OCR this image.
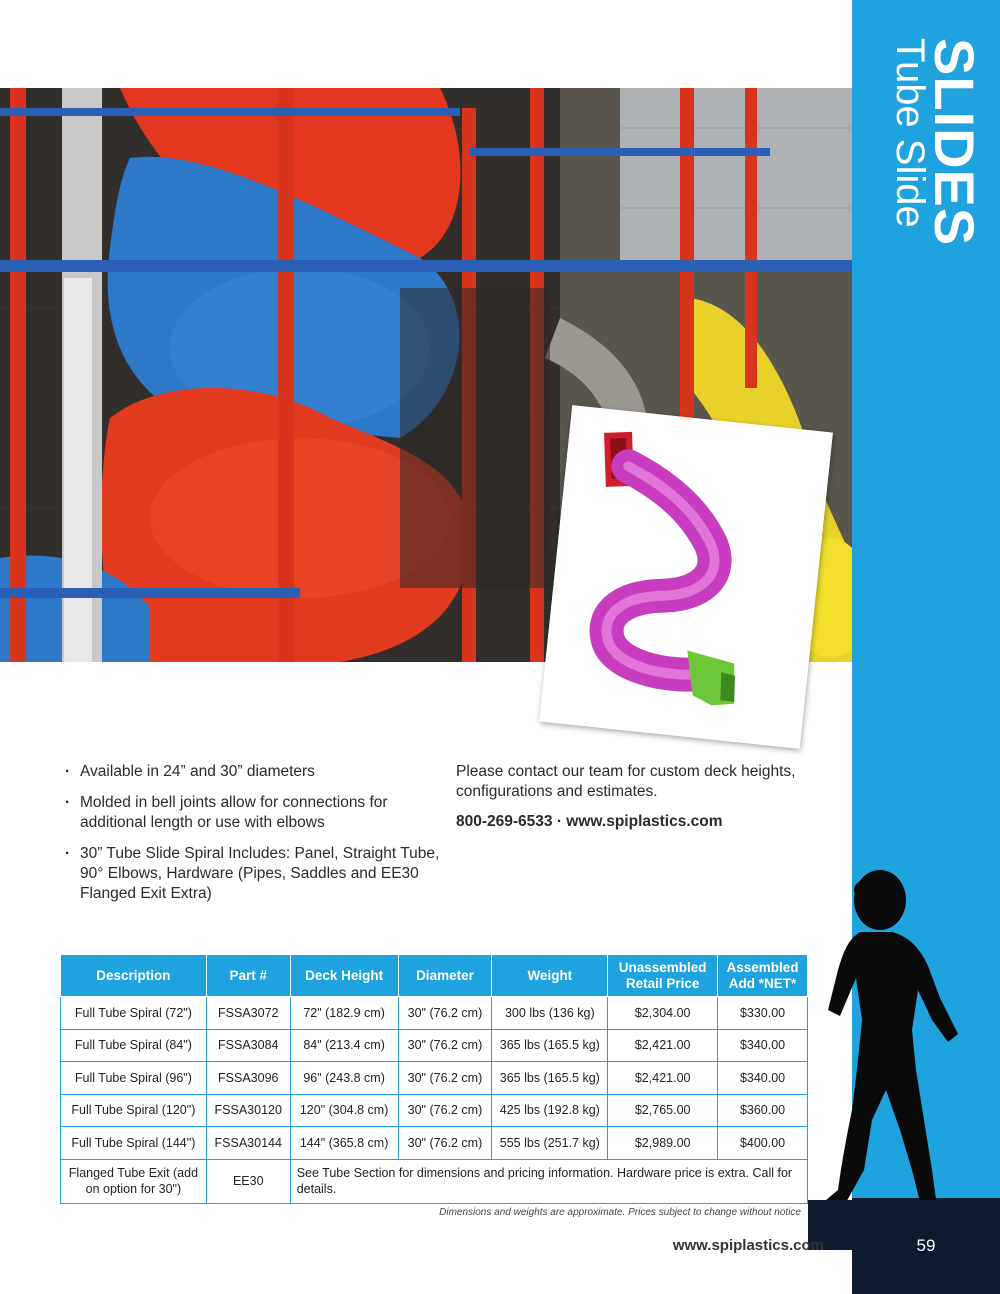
SLIDES
Tube Slide
· Available in 24” and 30” diameters
· Molded in bell joints allow for connections for additional length or use with elbows
· 30” Tube Slide Spiral Includes: Panel, Straight Tube, 90° Elbows, Hardware (Pipes, Saddles and EE30 Flanged Exit Extra)

Please contact our team for custom deck heights, configurations and estimates.

800-269-6533 · www.spiplastics.com

Description	Part #	Deck Height	Diameter	Weight	Unassembled Retail Price	Assembled Add *NET*
Full Tube Spiral (72")	FSSA3072	72" (182.9 cm)	30" (76.2 cm)	300 lbs (136 kg)	$2,304.00	$330.00
Full Tube Spiral (84")	FSSA3084	84" (213.4 cm)	30" (76.2 cm)	365 lbs (165.5 kg)	$2,421.00	$340.00
Full Tube Spiral (96")	FSSA3096	96" (243.8 cm)	30" (76.2 cm)	365 lbs (165.5 kg)	$2,421.00	$340.00
Full Tube Spiral (120")	FSSA30120	120" (304.8 cm)	30" (76.2 cm)	425 lbs (192.8 kg)	$2,765.00	$360.00
Full Tube Spiral (144")	FSSA30144	144" (365.8 cm)	30" (76.2 cm)	555 lbs (251.7 kg)	$2,989.00	$400.00
Flanged Tube Exit (add on option for 30")	EE30	See Tube Section for dimensions and pricing information. Hardware price is extra. Call for details.				
Dimensions and weights are approximate. Prices subject to change without notice
www.spiplastics.com	59
